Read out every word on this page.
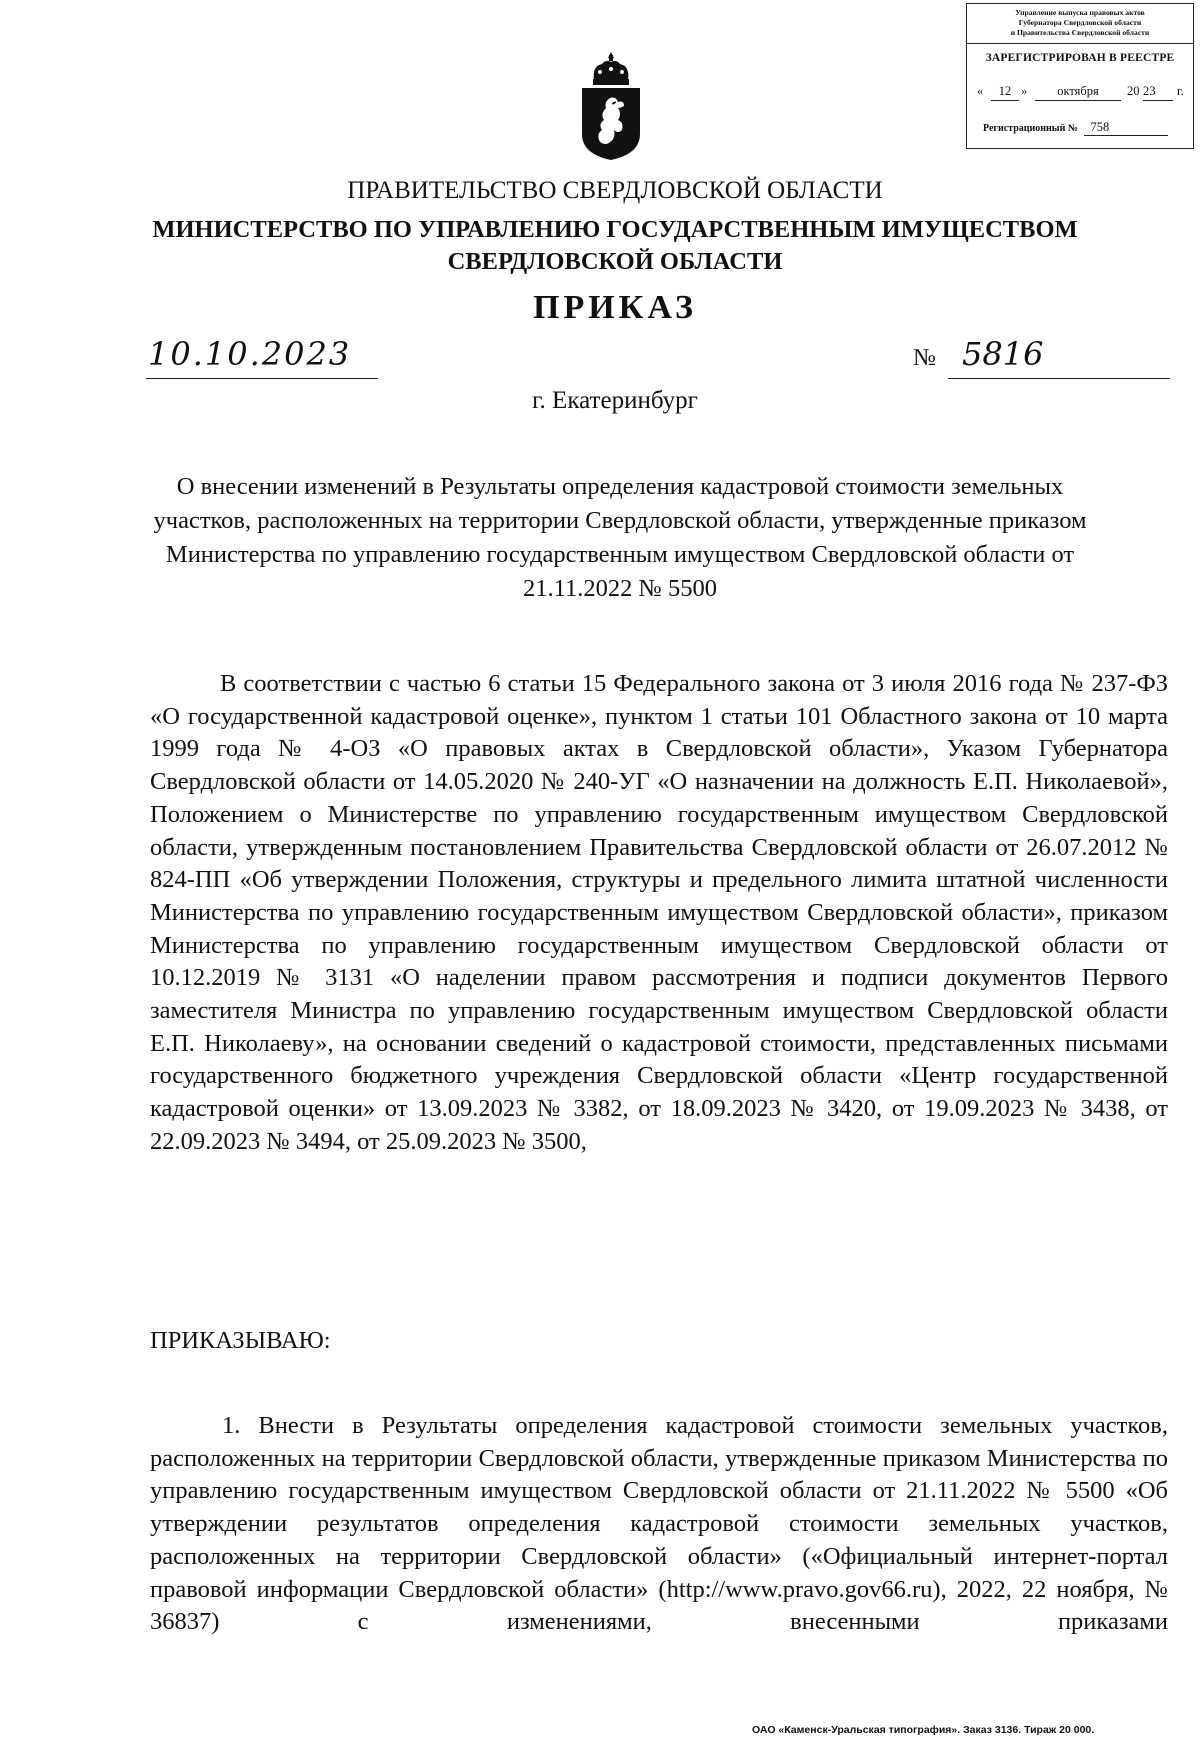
Управление выпуска правовых актов
Губернатора Свердловской области
и Правительства Свердловской области
ЗАРЕГИСТРИРОВАН В РЕЕСТРЕ
«	12 »	октября	20 23	г.
Регистрационный № 758
ПРАВИТЕЛЬСТВО СВЕРДЛОВСКОЙ ОБЛАСТИ
МИНИСТЕРСТВО ПО УПРАВЛЕНИЮ ГОСУДАРСТВЕННЫМ ИМУЩЕСТВОМ
СВЕРДЛОВСКОЙ ОБЛАСТИ
ПРИКАЗ
10.10.2023	№ 5816
г. Екатеринбург
О внесении изменений в Результаты определения кадастровой стоимости земельных участков, расположенных на территории Свердловской области, утвержденные приказом Министерства по управлению государственным имуществом Свердловской области от 21.11.2022 № 5500
В соответствии с частью 6 статьи 15 Федерального закона от 3 июля 2016 года № 237-ФЗ «О государственной кадастровой оценке», пунктом 1 статьи 101 Областного закона от 10 марта 1999 года № 4-ОЗ «О правовых актах в Свердловской области», Указом Губернатора Свердловской области от 14.05.2020 № 240-УГ «О назначении на должность Е.П. Николаевой», Положением о Министерстве по управлению государственным имуществом Свердловской области, утвержденным постановлением Правительства Свердловской области от 26.07.2012 № 824-ПП «Об утверждении Положения, структуры и предельного лимита штатной численности Министерства по управлению государственным имуществом Свердловской области», приказом Министерства по управлению государственным имуществом Свердловской области от 10.12.2019 № 3131 «О наделении правом рассмотрения и подписи документов Первого заместителя Министра по управлению государственным имуществом Свердловской области Е.П. Николаеву», на основании сведений о кадастровой стоимости, представленных письмами государственного бюджетного учреждения Свердловской области «Центр государственной кадастровой оценки» от 13.09.2023 № 3382, от 18.09.2023 № 3420, от 19.09.2023 № 3438, от 22.09.2023 № 3494, от 25.09.2023 № 3500,
ПРИКАЗЫВАЮ:
1. Внести в Результаты определения кадастровой стоимости земельных участков, расположенных на территории Свердловской области, утвержденные приказом Министерства по управлению государственным имуществом Свердловской области от 21.11.2022 № 5500 «Об утверждении результатов определения кадастровой стоимости земельных участков, расположенных на территории Свердловской области» («Официальный интернет-портал правовой информации Свердловской области» (http://www.pravo.gov66.ru), 2022, 22 ноября, № 36837) с изменениями, внесенными приказами
ОАО «Каменск-Уральская типография». Заказ 3136. Тираж 20 000.
